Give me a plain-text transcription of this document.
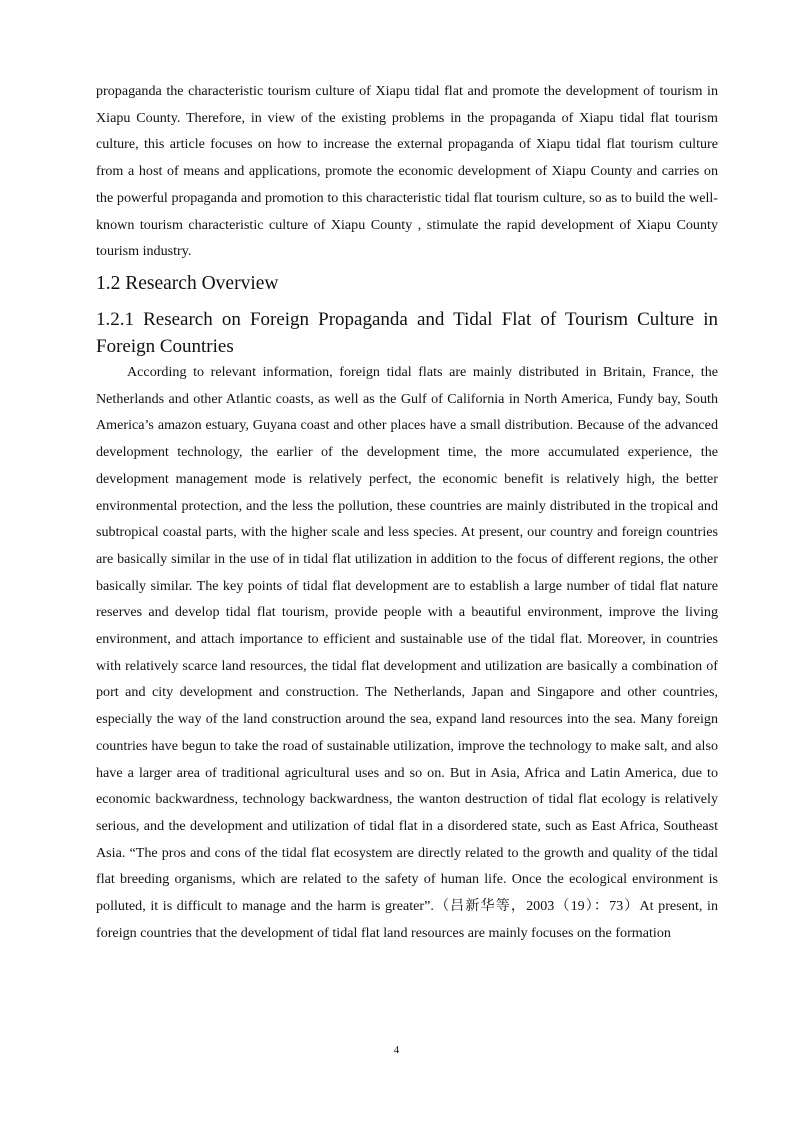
propaganda the characteristic tourism culture of Xiapu tidal flat and promote the development of tourism in Xiapu County. Therefore, in view of the existing problems in the propaganda of Xiapu tidal flat tourism culture, this article focuses on how to increase the external propaganda of Xiapu tidal flat tourism culture from a host of means and applications, promote the economic development of Xiapu County and carries on the powerful propaganda and promotion to this characteristic tidal flat tourism culture, so as to build the well-known tourism characteristic culture of Xiapu County , stimulate the rapid development of Xiapu County tourism industry.

1.2 Research Overview
1.2.1 Research on Foreign Propaganda and Tidal Flat of Tourism Culture in Foreign Countries

According to relevant information, foreign tidal flats are mainly distributed in Britain, France, the Netherlands and other Atlantic coasts, as well as the Gulf of California in North America, Fundy bay, South America’s amazon estuary, Guyana coast and other places have a small distribution. Because of the advanced development technology, the earlier of the development time, the more accumulated experience, the development management mode is relatively perfect, the economic benefit is relatively high, the better environmental protection, and the less the pollution, these countries are mainly distributed in the tropical and subtropical coastal parts, with the higher scale and less species. At present, our country and foreign countries are basically similar in the use of in tidal flat utilization in addition to the focus of different regions, the other basically similar. The key points of tidal flat development are to establish a large number of tidal flat nature reserves and develop tidal flat tourism, provide people with a beautiful environment, improve the living environment, and attach importance to efficient and sustainable use of the tidal flat. Moreover, in countries with relatively scarce land resources, the tidal flat development and utilization are basically a combination of port and city development and construction. The Netherlands, Japan and Singapore and other countries, especially the way of the land construction around the sea, expand land resources into the sea. Many foreign countries have begun to take the road of sustainable utilization, improve the technology to make salt, and also have a larger area of traditional agricultural uses and so on. But in Asia, Africa and Latin America, due to economic backwardness, technology backwardness, the wanton destruction of tidal flat ecology is relatively serious, and the development and utilization of tidal flat in a disordered state, such as East Africa, Southeast Asia. “The pros and cons of the tidal flat ecosystem are directly related to the growth and quality of the tidal flat breeding organisms, which are related to the safety of human life. Once the ecological environment is polluted, it is difficult to manage and the harm is greater”.（吕新华等，2003（19）：73）At present, in foreign countries that the development of tidal flat land resources are mainly focuses on the formation

4
